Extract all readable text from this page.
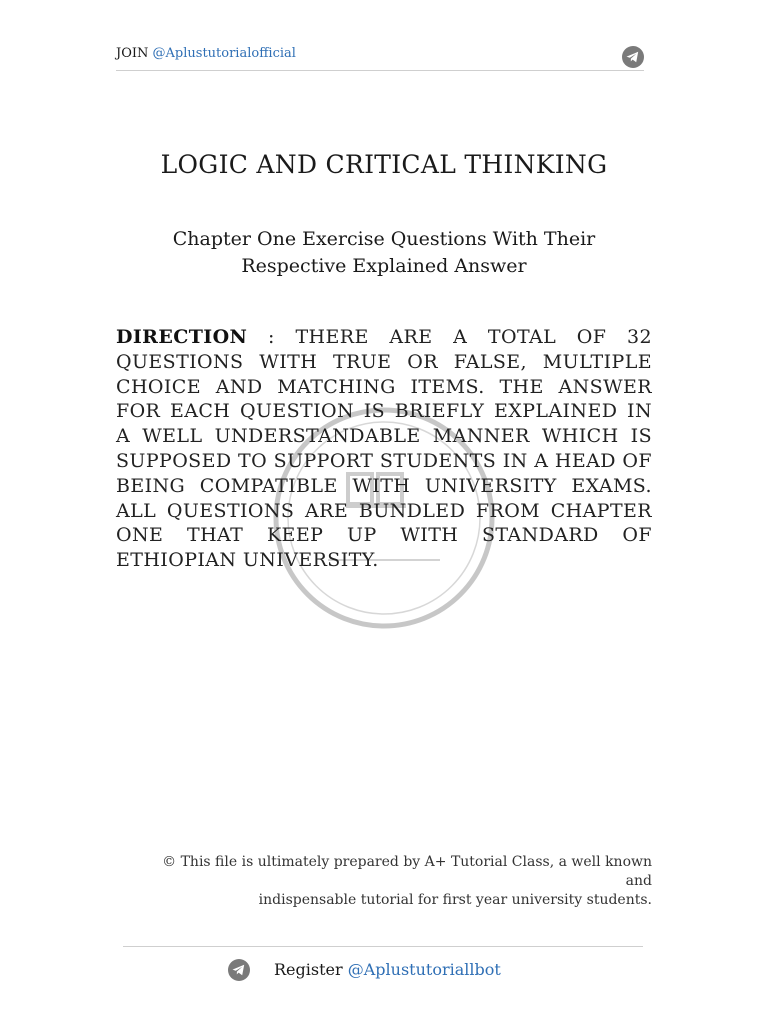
JOIN @Aplustutorialofficial
LOGIC AND CRITICAL THINKING
Chapter One Exercise Questions With Their
Respective Explained Answer
DIRECTION : THERE ARE A TOTAL OF 32 QUESTIONS WITH TRUE OR FALSE, MULTIPLE CHOICE AND MATCHING ITEMS. THE ANSWER FOR EACH QUESTION IS BRIEFLY EXPLAINED IN A WELL UNDERSTANDABLE MANNER WHICH IS SUPPOSED TO SUPPORT STUDENTS IN A HEAD OF BEING COMPATIBLE WITH UNIVERSITY EXAMS. ALL QUESTIONS ARE BUNDLED FROM CHAPTER ONE THAT KEEP UP WITH STANDARD OF ETHIOPIAN UNIVERSITY.
© This file is ultimately prepared by A+ Tutorial Class, a well known and
indispensable tutorial for first year university students.
Register @Aplustutoriallbot
